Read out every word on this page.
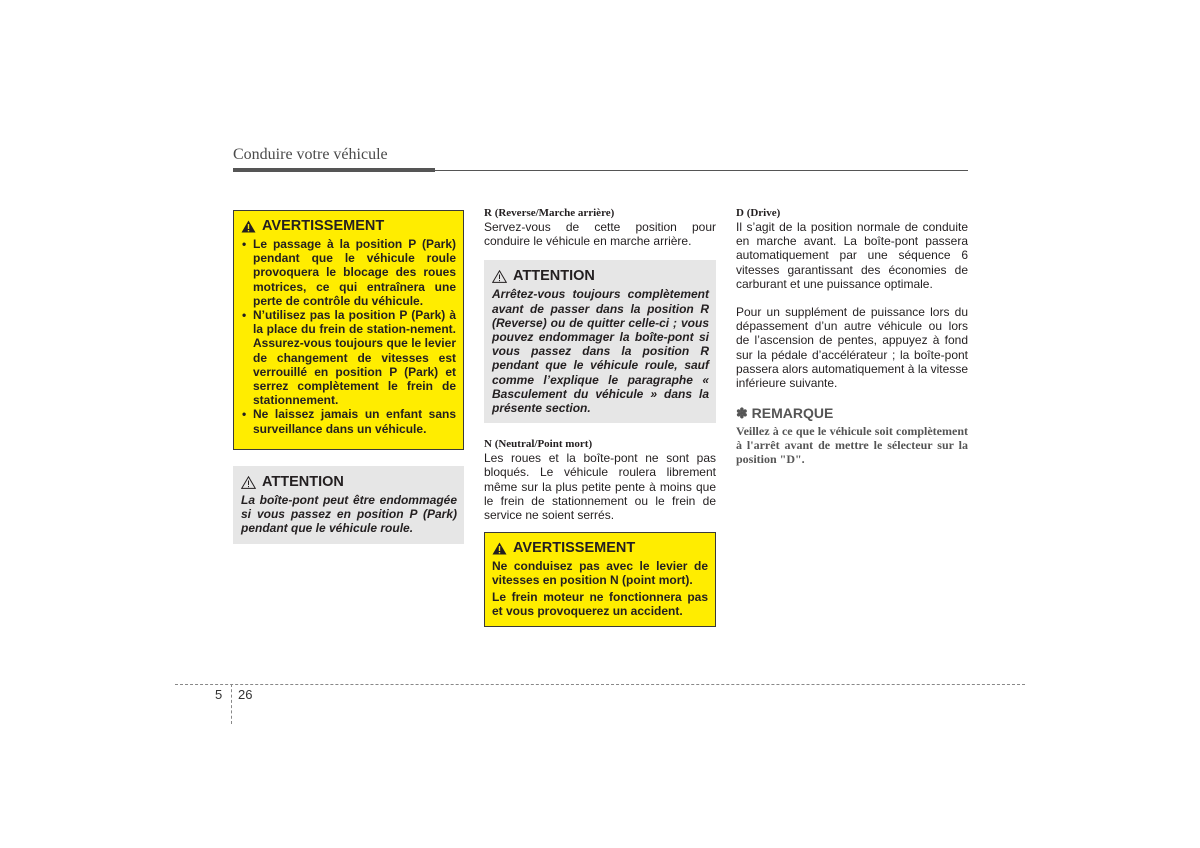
Conduire votre véhicule
AVERTISSEMENT
• Le passage à la position P (Park) pendant que le véhicule roule provoquera le blocage des roues motrices, ce qui entraînera une perte de contrôle du véhicule.
• N’utilisez pas la position P (Park) à la place du frein de station-nement. Assurez-vous toujours que le levier de changement de vitesses est verrouillé en position P (Park) et serrez complètement le frein de stationnement.
• Ne laissez jamais un enfant sans surveillance dans un véhicule.
ATTENTION

La boîte-pont peut être endommagée si vous passez en position P (Park) pendant que le véhicule roule.

R (Reverse/Marche arrière)

Servez-vous de cette position pour conduire le véhicule en marche arrière.

ATTENTION

Arrêtez-vous toujours complètement avant de passer dans la position R (Reverse) ou de quitter celle-ci ; vous pouvez endommager la boîte-pont si vous passez dans la position R pendant que le véhicule roule, sauf comme l’explique le paragraphe « Basculement du véhicule » dans la présente section.

N (Neutral/Point mort)

Les roues et la boîte-pont ne sont pas bloqués. Le véhicule roulera librement même sur la plus petite pente à moins que le frein de stationnement ou le frein de service ne soient serrés.

AVERTISSEMENT

Ne conduisez pas avec le levier de vitesses en position N (point mort).

Le frein moteur ne fonctionnera pas et vous provoquerez un accident.

D (Drive)

Il s’agit de la position normale de conduite en marche avant. La boîte-pont passera automatiquement par une séquence 6 vitesses garantissant des économies de carburant et une puissance optimale.

Pour un supplément de puissance lors du dépassement d’un autre véhicule ou lors de l’ascension de pentes, appuyez à fond sur la pédale d’accélérateur ; la boîte-pont passera alors automatiquement à la vitesse inférieure suivante.

✽ REMARQUE

Veillez à ce que le véhicule soit complètement à l'arrêt avant de mettre le sélecteur sur la position "D".

5 26
